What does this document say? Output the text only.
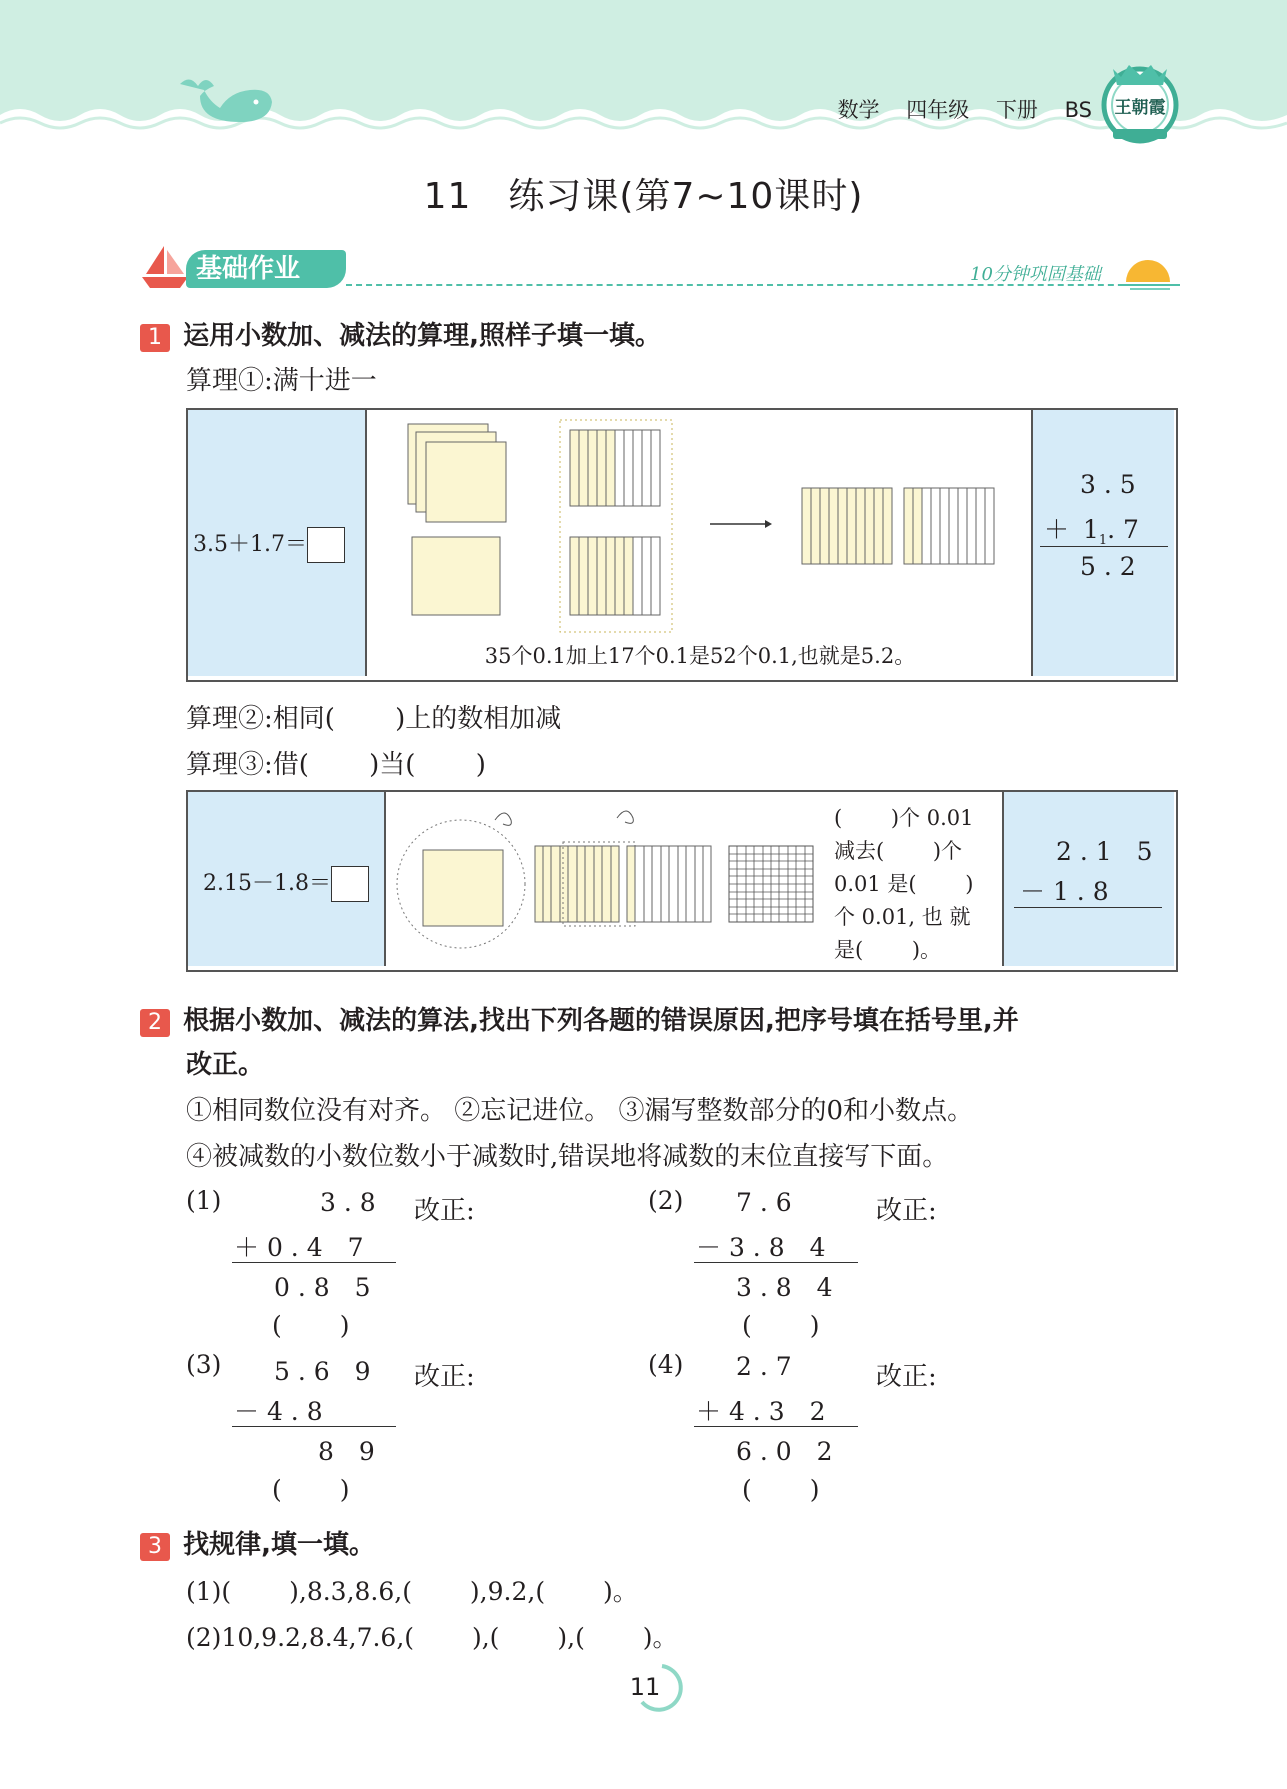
数学 四年级 下册 BS 王朝霞
11　练习课(第7~10课时)
基础作业	10分钟巩固基础
1 运用小数加、减法的算理,照样子填一填。
算理①:满十进一
3.5＋1.7＝
35个0.1加上17个0.1是52个0.1,也就是5.2。
3 . 5
＋ $1_1$. 7
5 . 2
算理②:相同(　　 )上的数相加减
算理③:借(　　 )当(　　 )
2.15－1.8＝
(　　 )个 0.01
减去(　　 )个
0.01 是(　　 )
个 0.01, 也 就
是(　　 )。
2 . 1　5
－ 1 . 8
2 根据小数加、减法的算法,找出下列各题的错误原因,把序号填在括号里,并
改正。
①相同数位没有对齐。 ②忘记进位。 ③漏写整数部分的0和小数点。
④被减数的小数位数小于减数时,错误地将减数的末位直接写下面。
(1)	3 . 8
＋ 0 . 4　7
0 . 8　5
(　　 )
改正:	(2) 7 . 6
－ 3 . 8　4
3 . 8　4
(　　 )
改正:
(3) 5 . 6　9
－ 4 . 8
8　9
(　　 )
改正:	(4) 2 . 7
＋ 4 . 3　2
6 . 0　2
(　　 )
改正:
3 找规律,填一填。
(1)(　　 ),8.3,8.6,(　　 ),9.2,(　　 )。
(2)10,9.2,8.4,7.6,(　　 ),(　　 ),(　　 )。
11
